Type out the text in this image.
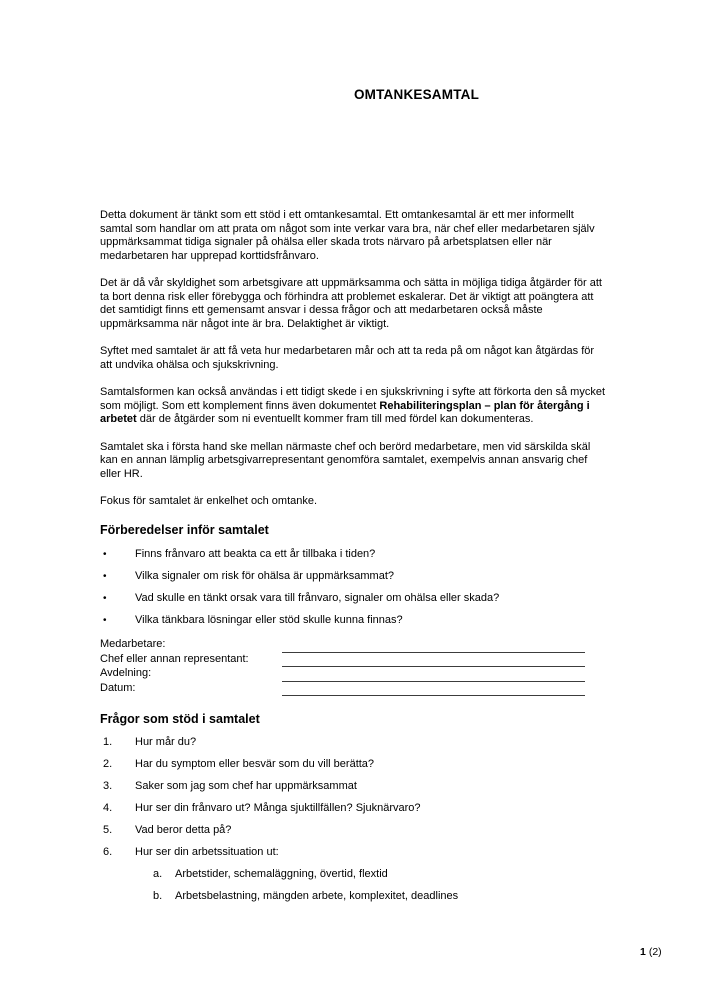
OMTANKESAMTAL

Detta dokument är tänkt som ett stöd i ett omtankesamtal. Ett omtankesamtal är ett mer informellt samtal som handlar om att prata om något som inte verkar vara bra, när chef eller medarbetaren själv uppmärksammat tidiga signaler på ohälsa eller skada trots närvaro på arbetsplatsen eller när medarbetaren har upprepad korttidsfrånvaro.

Det är då vår skyldighet som arbetsgivare att uppmärksamma och sätta in möjliga tidiga åtgärder för att ta bort denna risk eller förebygga och förhindra att problemet eskalerar. Det är viktigt att poängtera att det samtidigt finns ett gemensamt ansvar i dessa frågor och att medarbetaren också måste uppmärksamma när något inte är bra. Delaktighet är viktigt.

Syftet med samtalet är att få veta hur medarbetaren mår och att ta reda på om något kan åtgärdas för att undvika ohälsa och sjukskrivning.

Samtalsformen kan också användas i ett tidigt skede i en sjukskrivning i syfte att förkorta den så mycket som möjligt. Som ett komplement finns även dokumentet Rehabiliteringsplan – plan för återgång i arbetet där de åtgärder som ni eventuellt kommer fram till med fördel kan dokumenteras.

Samtalet ska i första hand ske mellan närmaste chef och berörd medarbetare, men vid särskilda skäl kan en annan lämplig arbetsgivarrepresentant genomföra samtalet, exempelvis annan ansvarig chef eller HR.

Fokus för samtalet är enkelhet och omtanke.

Förberedelser inför samtalet
•	Finns frånvaro att beakta ca ett år tillbaka i tiden?
•	Vilka signaler om risk för ohälsa är uppmärksammat?
•	Vad skulle en tänkt orsak vara till frånvaro, signaler om ohälsa eller skada?
•	Vilka tänkbara lösningar eller stöd skulle kunna finnas?
Medarbetare:
Chef eller annan representant:
Avdelning:
Datum:
Frågor som stöd i samtalet
1.	Hur mår du?
2.	Har du symptom eller besvär som du vill berätta?
3.	Saker som jag som chef har uppmärksammat
4.	Hur ser din frånvaro ut? Många sjuktillfällen? Sjuknärvaro?
5.	Vad beror detta på?
6.	Hur ser din arbetssituation ut:
a.	Arbetstider, schemaläggning, övertid, flextid
b.	Arbetsbelastning, mängden arbete, komplexitet, deadlines
1 (2)
